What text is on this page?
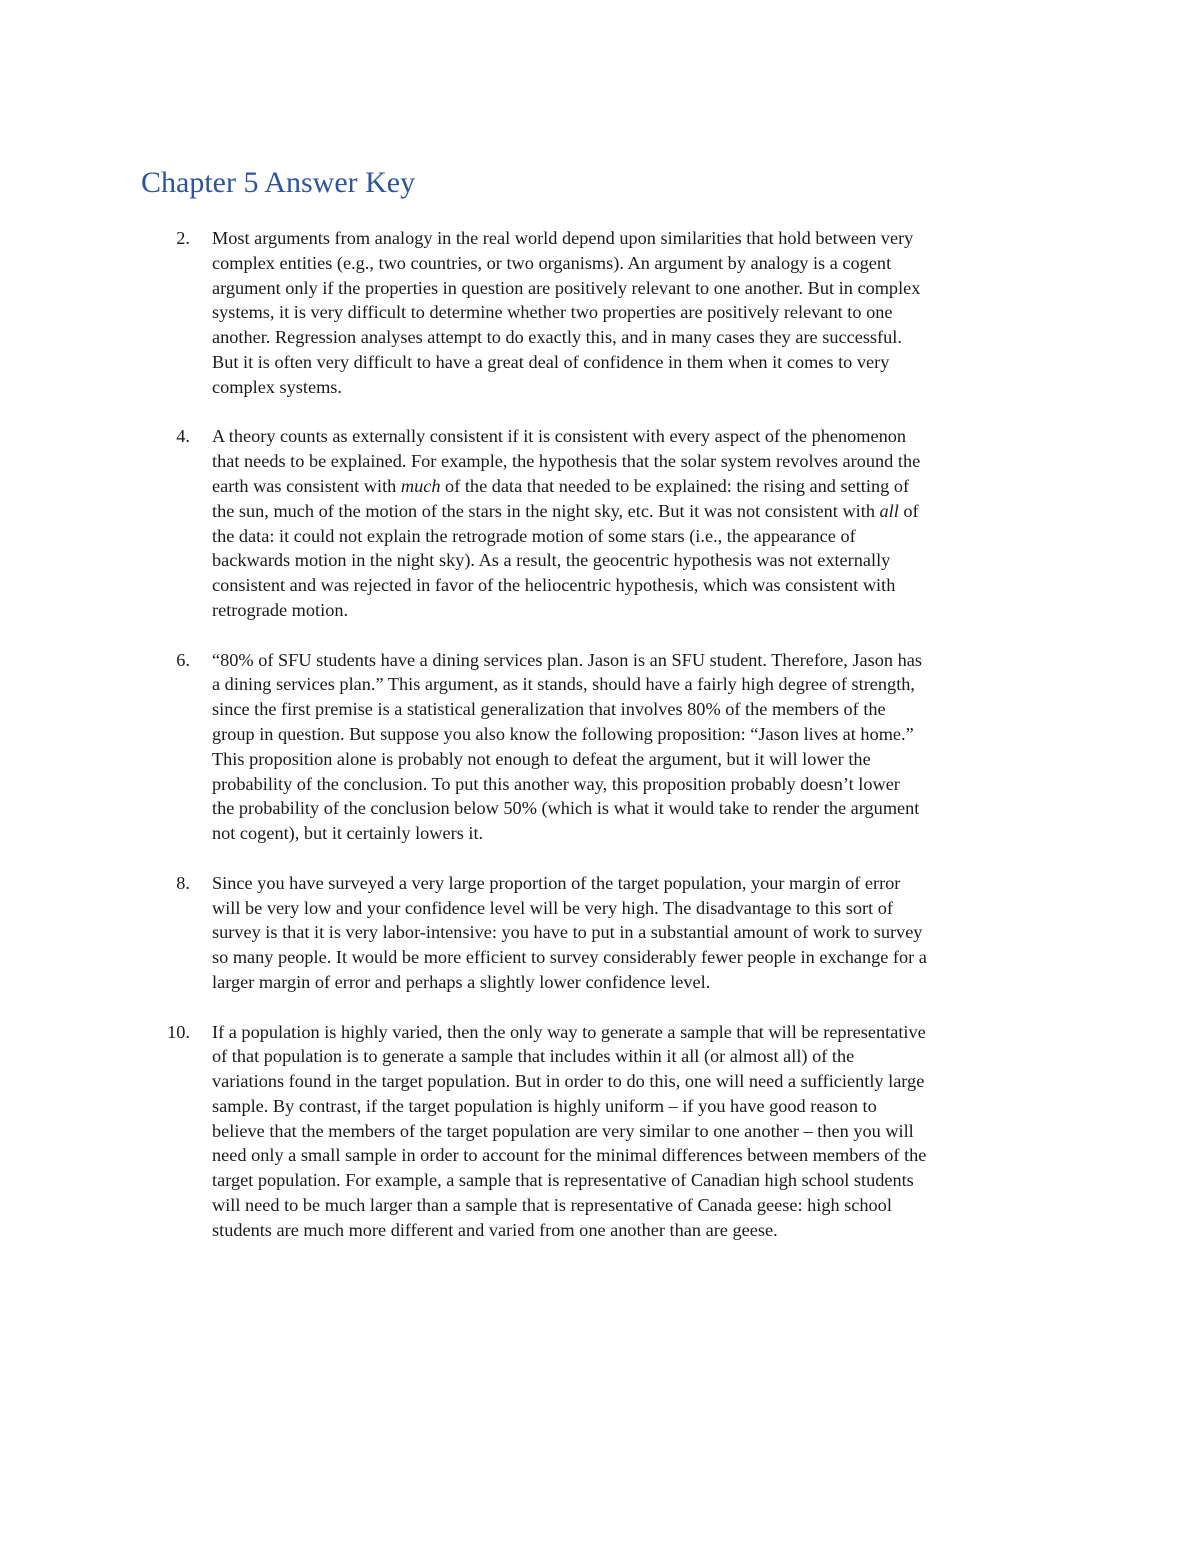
Chapter 5 Answer Key
2. Most arguments from analogy in the real world depend upon similarities that hold between very
complex entities (e.g., two countries, or two organisms). An argument by analogy is a cogent
argument only if the properties in question are positively relevant to one another. But in complex
systems, it is very difficult to determine whether two properties are positively relevant to one
another. Regression analyses attempt to do exactly this, and in many cases they are successful.
But it is often very difficult to have a great deal of confidence in them when it comes to very
complex systems.
4. A theory counts as externally consistent if it is consistent with every aspect of the phenomenon
that needs to be explained. For example, the hypothesis that the solar system revolves around the
earth was consistent with much of the data that needed to be explained: the rising and setting of
the sun, much of the motion of the stars in the night sky, etc. But it was not consistent with all of
the data: it could not explain the retrograde motion of some stars (i.e., the appearance of
backwards motion in the night sky). As a result, the geocentric hypothesis was not externally
consistent and was rejected in favor of the heliocentric hypothesis, which was consistent with
retrograde motion.
6. “80% of SFU students have a dining services plan. Jason is an SFU student. Therefore, Jason has
a dining services plan.” This argument, as it stands, should have a fairly high degree of strength,
since the first premise is a statistical generalization that involves 80% of the members of the
group in question. But suppose you also know the following proposition: “Jason lives at home.”
This proposition alone is probably not enough to defeat the argument, but it will lower the
probability of the conclusion. To put this another way, this proposition probably doesn’t lower
the probability of the conclusion below 50% (which is what it would take to render the argument
not cogent), but it certainly lowers it.
8. Since you have surveyed a very large proportion of the target population, your margin of error
will be very low and your confidence level will be very high. The disadvantage to this sort of
survey is that it is very labor-intensive: you have to put in a substantial amount of work to survey
so many people. It would be more efficient to survey considerably fewer people in exchange for a
larger margin of error and perhaps a slightly lower confidence level.
10. If a population is highly varied, then the only way to generate a sample that will be representative
of that population is to generate a sample that includes within it all (or almost all) of the
variations found in the target population. But in order to do this, one will need a sufficiently large
sample. By contrast, if the target population is highly uniform – if you have good reason to
believe that the members of the target population are very similar to one another – then you will
need only a small sample in order to account for the minimal differences between members of the
target population. For example, a sample that is representative of Canadian high school students
will need to be much larger than a sample that is representative of Canada geese: high school
students are much more different and varied from one another than are geese.
